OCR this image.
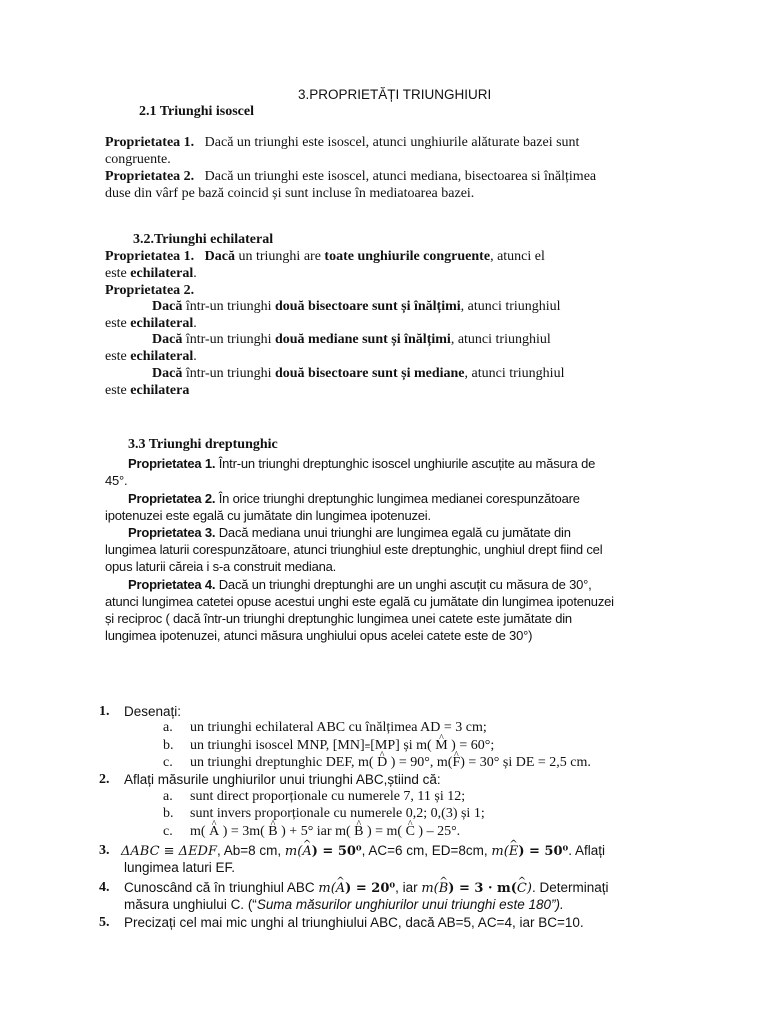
3.PROPRIETĂȚI TRIUNGHIURI
2.1 Triunghi isoscel
Proprietatea 1. Dacă un triunghi este isoscel, atunci unghiurile alăturate bazei sunt
congruente.
Proprietatea 2. Dacă un triunghi este isoscel, atunci mediana, bisectoarea si înălțimea
duse din vârf pe bază coincid și sunt incluse în mediatoarea bazei.
3.2.Triunghi echilateral
Proprietatea 1. Dacă un triunghi are toate unghiurile congruente, atunci el
este echilateral.
Proprietatea 2.
Dacă într-un triunghi două bisectoare sunt și înălțimi, atunci triunghiul
este echilateral.
Dacă într-un triunghi două mediane sunt și înălțimi, atunci triunghiul
este echilateral.
Dacă într-un triunghi două bisectoare sunt și mediane, atunci triunghiul
este echilatera
3.3 Triunghi dreptunghic
Proprietatea 1. Într-un triunghi dreptunghic isoscel unghiurile ascuțite au măsura de
45°.
Proprietatea 2. În orice triunghi dreptunghic lungimea medianei corespunzătoare
ipotenuzei este egală cu jumătate din lungimea ipotenuzei.
Proprietatea 3. Dacă mediana unui triunghi are lungimea egală cu jumătate din
lungimea laturii corespunzătoare, atunci triunghiul este dreptunghic, unghiul drept fiind cel
opus laturii căreia i s-a construit mediana.
Proprietatea 4. Dacă un triunghi dreptunghi are un unghi ascuțit cu măsura de 30°,
atunci lungimea catetei opuse acestui unghi este egală cu jumătate din lungimea ipotenuzei
și reciproc ( dacă într-un triunghi dreptunghic lungimea unei catete este jumătate din
lungimea ipotenuzei, atunci măsura unghiului opus acelei catete este de 30°)
1. Desenați:
a. un triunghi echilateral ABC cu înălțimea AD = 3 cm;
b. un triunghi isoscel MNP, [MN]≡[MP] și m( ^ M ) = 60°;
c. un triunghi dreptunghic DEF, m( ^ D ) = 90°, m(^ F) = 30° și DE = 2,5 cm.
2. Aflați măsurile unghiurilor unui triunghi ABC,știind că:
a. sunt direct proporționale cu numerele 7, 11 și 12;
b. sunt invers proporționale cu numerele 0,2; 0,(3) și 1;
c. m( ^ A ) = 3m( ^ B ) + 5° iar m( ^ B ) = m( ^ C ) – 25°.
3. ΔABC ≡ ΔEDF, Ab=8 cm, m(^ A) = 50⁰, AC=6 cm, ED=8cm, m(^ E) = 50⁰. Aflați
lungimea laturi EF.
4. Cunoscând că în triunghiul ABC m(^ A) = 20⁰, iar m(^ B) = 3 · m(^ C). Determinați
măsura unghiului C. (“Suma măsurilor unghiurilor unui triunghi este 180”).
5. Precizați cel mai mic unghi al triunghiului ABC, dacă AB=5, AC=4, iar BC=10.
